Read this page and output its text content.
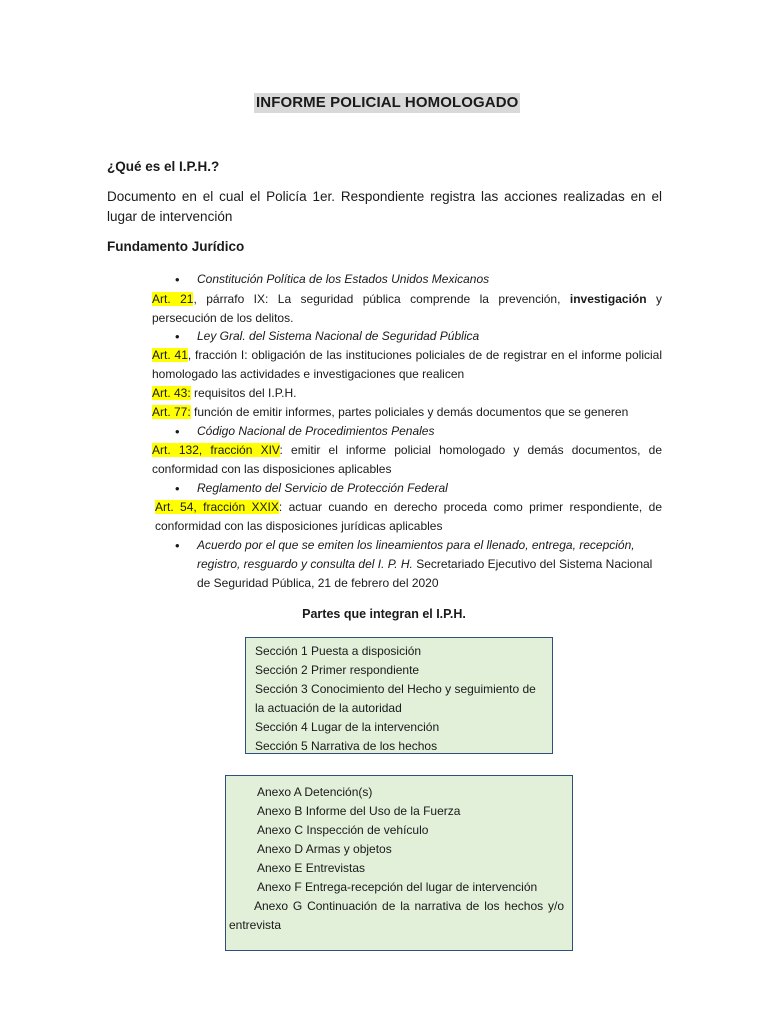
INFORME POLICIAL HOMOLOGADO
¿Qué es el I.P.H.?
Documento en el cual el Policía 1er. Respondiente registra las acciones realizadas en el lugar de intervención
Fundamento Jurídico
•	Constitución Política de los Estados Unidos Mexicanos
Art. 21, párrafo IX: La seguridad pública comprende la prevención, investigación y persecución de los delitos.
•	Ley Gral. del Sistema Nacional de Seguridad Pública
Art. 41, fracción I: obligación de las instituciones policiales de de registrar en el informe policial homologado las actividades e investigaciones que realicen
Art. 43: requisitos del I.P.H.
Art. 77: función de emitir informes, partes policiales y demás documentos que se generen
•	Código Nacional de Procedimientos Penales
Art. 132, fracción XIV: emitir el informe policial homologado y demás documentos, de conformidad con las disposiciones aplicables
•	Reglamento del Servicio de Protección Federal
Art. 54, fracción XXIX: actuar cuando en derecho proceda como primer respondiente, de conformidad con las disposiciones jurídicas aplicables
•	Acuerdo por el que se emiten los lineamientos para el llenado, entrega, recepción, registro, resguardo y consulta del I. P. H. Secretariado Ejecutivo del Sistema Nacional de Seguridad Pública, 21 de febrero del 2020
Partes que integran el I.P.H.
Sección 1 Puesta a disposición
Sección 2 Primer respondiente
Sección 3 Conocimiento del Hecho y seguimiento de la actuación de la autoridad
Sección 4 Lugar de la intervención
Sección 5 Narrativa de los hechos
Anexo A Detención(s)
Anexo B Informe del Uso de la Fuerza
Anexo C Inspección de vehículo
Anexo D Armas y objetos
Anexo E Entrevistas
Anexo F Entrega-recepción del lugar de intervención
Anexo G Continuación de la narrativa de los hechos y/o entrevista
